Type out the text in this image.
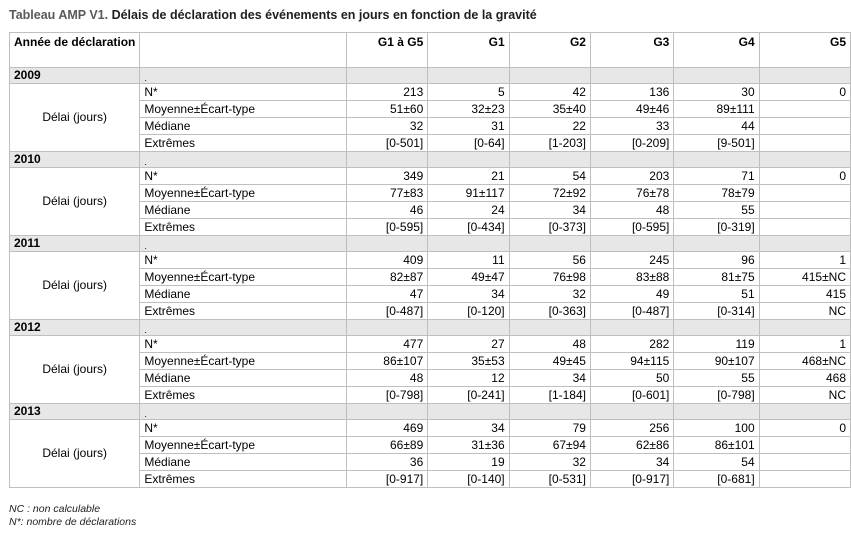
Tableau AMP V1. Délais de déclaration des événements en jours en fonction de la gravité
Année de déclaration		G1 à G5	G1	G2	G3	G4	G5
2009	.						
Délai (jours)	N*	213	5	42	136	30	0
	Moyenne±Écart-type	51±60	32±23	35±40	49±46	89±111	
	Médiane	32	31	22	33	44	
	Extrêmes	[0-501]	[0-64]	[1-203]	[0-209]	[9-501]	
2010	.						
Délai (jours)	N*	349	21	54	203	71	0
	Moyenne±Écart-type	77±83	91±117	72±92	76±78	78±79	
	Médiane	46	24	34	48	55	
	Extrêmes	[0-595]	[0-434]	[0-373]	[0-595]	[0-319]	
2011	.						
Délai (jours)	N*	409	11	56	245	96	1
	Moyenne±Écart-type	82±87	49±47	76±98	83±88	81±75	415±NC
	Médiane	47	34	32	49	51	415
	Extrêmes	[0-487]	[0-120]	[0-363]	[0-487]	[0-314]	NC
2012	.						
Délai (jours)	N*	477	27	48	282	119	1
	Moyenne±Écart-type	86±107	35±53	49±45	94±115	90±107	468±NC
	Médiane	48	12	34	50	55	468
	Extrêmes	[0-798]	[0-241]	[1-184]	[0-601]	[0-798]	NC
2013	.						
Délai (jours)	N*	469	34	79	256	100	0
	Moyenne±Écart-type	66±89	31±36	67±94	62±86	86±101	
	Médiane	36	19	32	34	54	
	Extrêmes	[0-917]	[0-140]	[0-531]	[0-917]	[0-681]	
NC : non calculable
N*: nombre de déclarations
